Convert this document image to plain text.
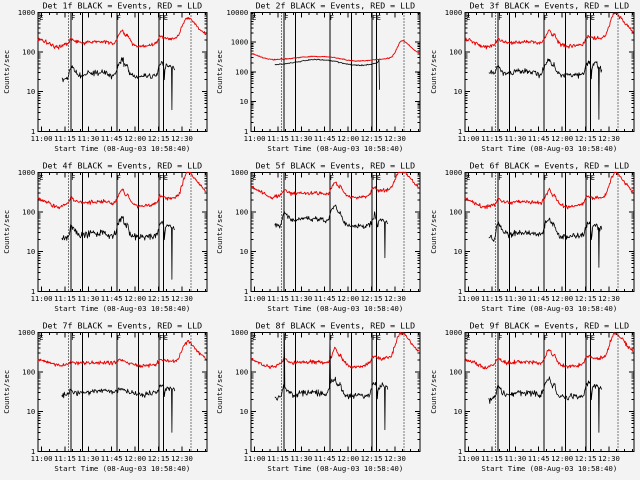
Det 1f BLACK = Events, RED = LLD
11:00 11:15 11:30 11:45 12:00 12:15 12:30
1
10
100
1000
Start Time (08-Aug-03 10:58:40)
Counts/sec
E	F	F	F E
Det 2f BLACK = Events, RED = LLD
11:00 11:15 11:30 11:45 12:00 12:15 12:30
1
10
100
1000
10000
Start Time (08-Aug-03 10:58:40)
Counts/sec
E	F	F	F E
Det 3f BLACK = Events, RED = LLD
11:00 11:15 11:30 11:45 12:00 12:15 12:30
1
10
100
1000
Start Time (08-Aug-03 10:58:40)
Counts/sec
E	F	F	F E
Det 4f BLACK = Events, RED = LLD
11:00 11:15 11:30 11:45 12:00 12:15 12:30
1
10
100
1000
Start Time (08-Aug-03 10:58:40)
Counts/sec
E	F	F	F E
Det 5f BLACK = Events, RED = LLD
11:00 11:15 11:30 11:45 12:00 12:15 12:30
1
10
100
1000
Start Time (08-Aug-03 10:58:40)
Counts/sec
E	F	F	F E
Det 6f BLACK = Events, RED = LLD
11:00 11:15 11:30 11:45 12:00 12:15 12:30
1
10
100
1000
Start Time (08-Aug-03 10:58:40)
Counts/sec
E	F	F	F E
Det 7f BLACK = Events, RED = LLD
11:00 11:15 11:30 11:45 12:00 12:15 12:30
1
10
100
1000
Start Time (08-Aug-03 10:58:40)
Counts/sec
E	F	F	F E
Det 8f BLACK = Events, RED = LLD
11:00 11:15 11:30 11:45 12:00 12:15 12:30
1
10
100
1000
Start Time (08-Aug-03 10:58:40)
Counts/sec
E	F	F	F E
Det 9f BLACK = Events, RED = LLD
11:00 11:15 11:30 11:45 12:00 12:15 12:30
1
10
100
1000
Start Time (08-Aug-03 10:58:40)
Counts/sec
E	F	F	F E
